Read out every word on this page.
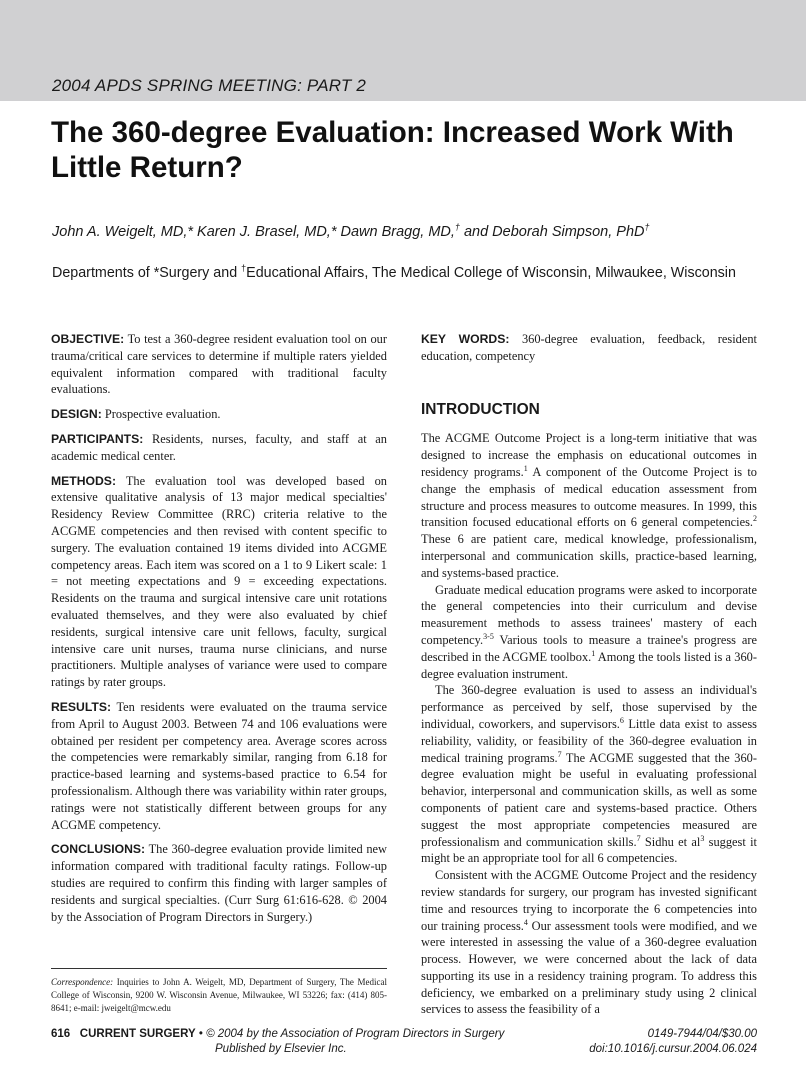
2004 APDS SPRING MEETING: PART 2
The 360-degree Evaluation: Increased Work With Little Return?
John A. Weigelt, MD,* Karen J. Brasel, MD,* Dawn Bragg, MD,† and Deborah Simpson, PhD†
Departments of *Surgery and †Educational Affairs, The Medical College of Wisconsin, Milwaukee, Wisconsin

OBJECTIVE: To test a 360-degree resident evaluation tool on our trauma/critical care services to determine if multiple raters yielded equivalent information compared with traditional faculty evaluations.

DESIGN: Prospective evaluation.

PARTICIPANTS: Residents, nurses, faculty, and staff at an academic medical center.

METHODS: The evaluation tool was developed based on extensive qualitative analysis of 13 major medical specialties' Residency Review Committee (RRC) criteria relative to the ACGME competencies and then revised with content specific to surgery. The evaluation contained 19 items divided into ACGME competency areas. Each item was scored on a 1 to 9 Likert scale: 1 = not meeting expectations and 9 = exceeding expectations. Residents on the trauma and surgical intensive care unit rotations evaluated themselves, and they were also evaluated by chief residents, surgical intensive care unit fellows, faculty, surgical intensive care unit nurses, trauma nurse clinicians, and nurse practitioners. Multiple analyses of variance were used to compare ratings by rater groups.

RESULTS: Ten residents were evaluated on the trauma service from April to August 2003. Between 74 and 106 evaluations were obtained per resident per competency area. Average scores across the competencies were remarkably similar, ranging from 6.18 for practice-based learning and systems-based practice to 6.54 for professionalism. Although there was variability within rater groups, ratings were not statistically different between groups for any ACGME competency.

CONCLUSIONS: The 360-degree evaluation provide limited new information compared with traditional faculty ratings. Follow-up studies are required to confirm this finding with larger samples of residents and surgical specialties. (Curr Surg 61:616-628. © 2004 by the Association of Program Directors in Surgery.)

KEY WORDS: 360-degree evaluation, feedback, resident education, competency

INTRODUCTION

The ACGME Outcome Project is a long-term initiative that was designed to increase the emphasis on educational outcomes in residency programs.$^1$ A component of the Outcome Project is to change the emphasis of medical education assessment from structure and process measures to outcome measures. In 1999, this transition focused educational efforts on 6 general competencies.$^2$ These 6 are patient care, medical knowledge, professionalism, interpersonal and communication skills, practice-based learning, and systems-based practice.

Graduate medical education programs were asked to incorporate the general competencies into their curriculum and devise measurement methods to assess trainees' mastery of each competency.$^{3-5}$ Various tools to measure a trainee's progress are described in the ACGME toolbox.$^1$ Among the tools listed is a 360-degree evaluation instrument.

The 360-degree evaluation is used to assess an individual's performance as perceived by self, those supervised by the individual, coworkers, and supervisors.$^6$ Little data exist to assess reliability, validity, or feasibility of the 360-degree evaluation in medical training programs.$^7$ The ACGME suggested that the 360-degree evaluation might be useful in evaluating professional behavior, interpersonal and communication skills, as well as some components of patient care and systems-based practice. Others suggest the most appropriate competencies measured are professionalism and communication skills.$^7$ Sidhu et $al^3$ suggest it might be an appropriate tool for all 6 competencies.

Consistent with the ACGME Outcome Project and the residency review standards for surgery, our program has invested significant time and resources trying to incorporate the 6 competencies into our training process.$^4$ Our assessment tools were modified, and we were interested in assessing the value of a 360-degree evaluation process. However, we were concerned about the lack of data supporting its use in a residency training program. To address this deficiency, we embarked on a preliminary study using 2 clinical services to assess the feasibility of a

Correspondence: Inquiries to John A. Weigelt, MD, Department of Surgery, The Medical College of Wisconsin, 9200 W. Wisconsin Avenue, Milwaukee, WI 53226; fax: (414) 805-8641; e-mail: jweigelt@mcw.edu
616 CURRENT SURGERY • © 2004 by the Association of Program Directors in Surgery
Published by Elsevier Inc.
0149-7944/04/$30.00
doi:10.1016/j.cursur.2004.06.024
